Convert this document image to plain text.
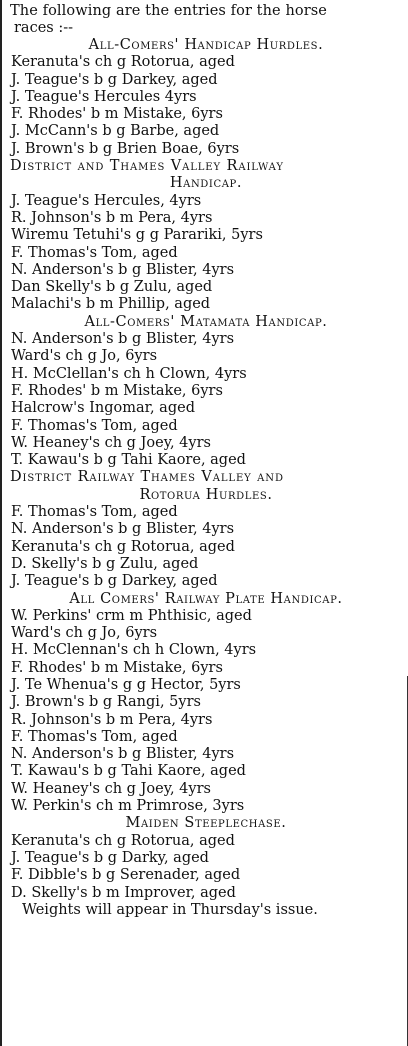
The following are the entries for the horse
races :--
All-Comers' Handicap Hurdles.
Keranuta's ch g Rotorua, aged
J. Teague's b g Darkey, aged
J. Teague's Hercules 4yrs
F. Rhodes' b m Mistake, 6yrs
J. McCann's b g Barbe, aged
J. Brown's b g Brien Boae, 6yrs
District and Thames Valley Railway
Handicap.
J. Teague's Hercules, 4yrs
R. Johnson's b m Pera, 4yrs
Wiremu Tetuhi's g g Parariki, 5yrs
F. Thomas's Tom, aged
N. Anderson's b g Blister, 4yrs
Dan Skelly's b g Zulu, aged
Malachi's b m Phillip, aged
All-Comers' Matamata Handicap.
N. Anderson's b g Blister, 4yrs
Ward's ch g Jo, 6yrs
H. McClellan's ch h Clown, 4yrs
F. Rhodes' b m Mistake, 6yrs
Halcrow's Ingomar, aged
F. Thomas's Tom, aged
W. Heaney's ch g Joey, 4yrs
T. Kawau's b g Tahi Kaore, aged
District Railway Thames Valley and
Rotorua Hurdles.
F. Thomas's Tom, aged
N. Anderson's b g Blister, 4yrs
Keranuta's ch g Rotorua, aged
D. Skelly's b g Zulu, aged
J. Teague's b g Darkey, aged
All Comers' Railway Plate Handicap.
W. Perkins' crm m Phthisic, aged
Ward's ch g Jo, 6yrs
H. McClennan's ch h Clown, 4yrs
F. Rhodes' b m Mistake, 6yrs
J. Te Whenua's g g Hector, 5yrs
J. Brown's b g Rangi, 5yrs
R. Johnson's b m Pera, 4yrs
F. Thomas's Tom, aged
N. Anderson's b g Blister, 4yrs
T. Kawau's b g Tahi Kaore, aged
W. Heaney's ch g Joey, 4yrs
W. Perkin's ch m Primrose, 3yrs
Maiden Steeplechase.
Keranuta's ch g Rotorua, aged
J. Teague's b g Darky, aged
F. Dibble's b g Serenader, aged
D. Skelly's b m Improver, aged
Weights will appear in Thursday's issue.
